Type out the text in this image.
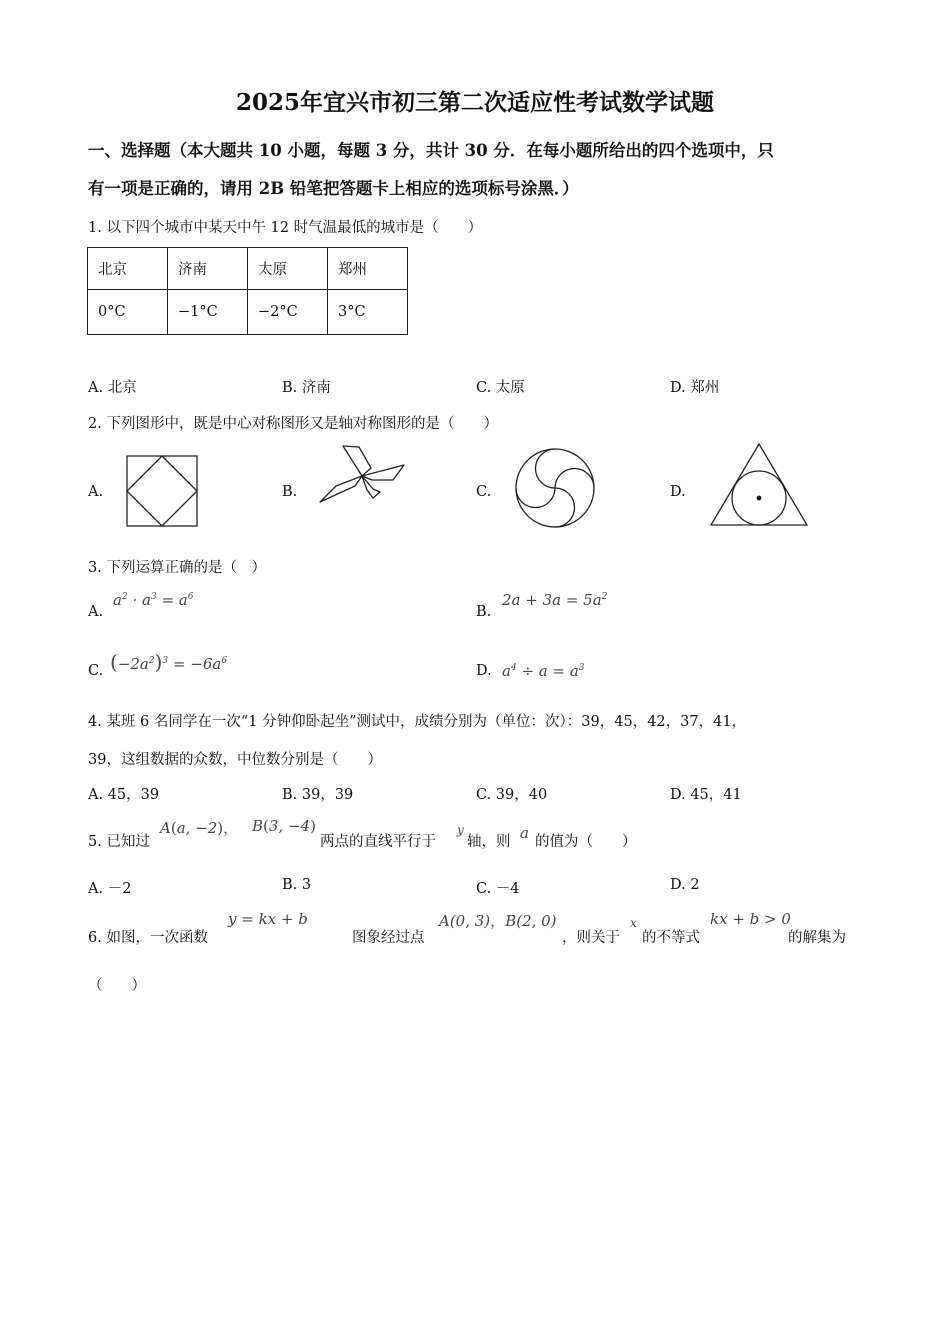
2025年宜兴市初三第二次适应性考试数学试题
一、选择题（本大题共 10 小题，每题 3 分，共计 30 分．在每小题所给出的四个选项中，只
有一项是正确的，请用 2B 铅笔把答题卡上相应的选项标号涂黑．）
1. 以下四个城市中某天中午 12 时气温最低的城市是（　　）
北京	济南	太原	郑州
0°C	−1°C	−2°C	3°C
A. 北京	B. 济南	C. 太原	D. 郑州
2. 下列图形中，既是中心对称图形又是轴对称图形的是（　　）
A.	B.	C.	D.
3. 下列运算正确的是（　）
A.
$a^2 \cdot a^3 = a^6$
B.
$2a + 3a = 5a^2$
C. $(-2a^2)^3 = -6a^6$
D. $a^4 \div a = a^3$
4. 某班 6 名同学在一次“1 分钟仰卧起坐”测试中，成绩分别为（单位：次）：39，45，42，37，41，
39，这组数据的众数，中位数分别是（　　）
A. 45，39	B. 39，39	C. 39，40	D. 45，41
5. 已知过
A(a, −2)， B(3, −4)
两点的直线平行于
y
轴，则 a 的值为（　　）
A. －2	B. 3	C. －4	D. 2
6. 如图，一次函数
y = kx + b
图象经过点
A(0, 3)，B(2, 0)
，则关于
x
的不等式
kx + b > 0
的解集为
（　　）
